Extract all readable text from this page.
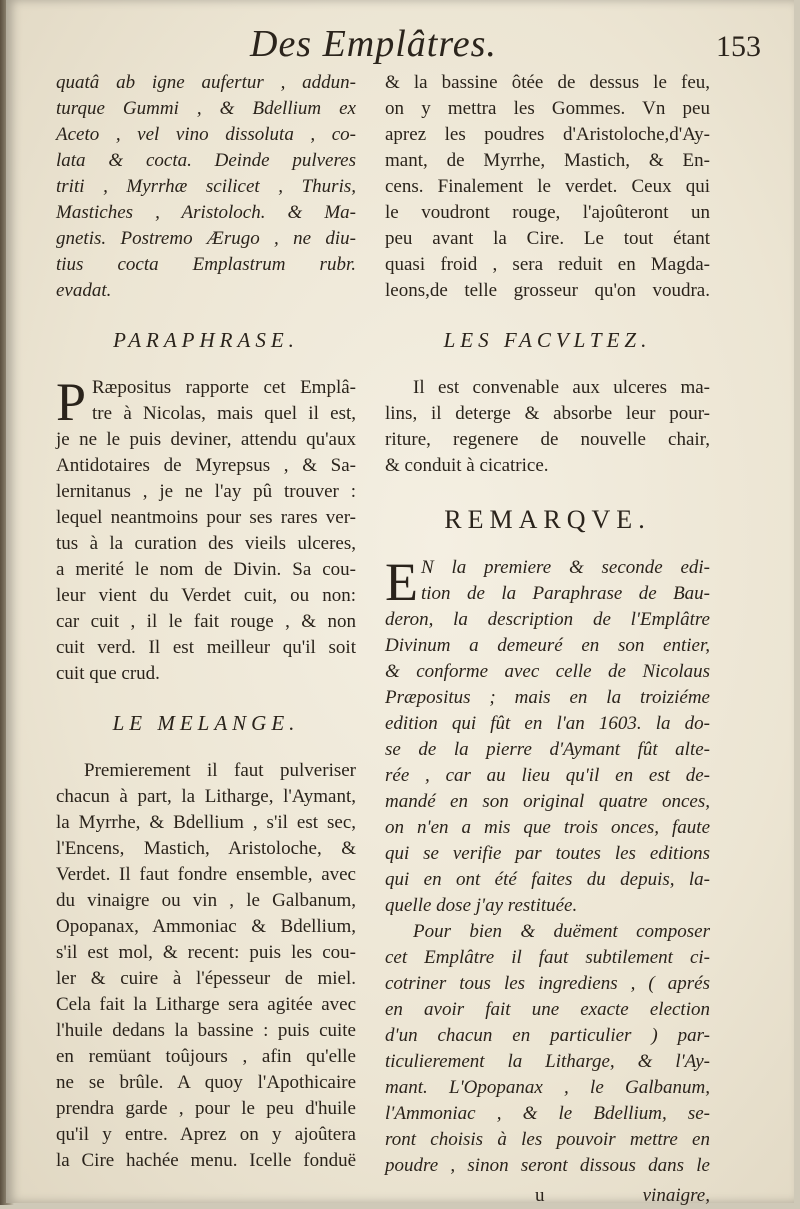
Des Emplâtres.	153
quatâ ab igne aufertur , addun-
turque Gummi , & Bdellium ex
Aceto , vel vino dissoluta , co-
lata & cocta. Deinde pulveres
triti , Myrrhæ scilicet , Thuris,
Mastiches , Aristoloch. & Ma-
gnetis. Postremo Ærugo , ne diu-
tius cocta Emplastrum rubr.
evadat.
PARAPHRASE.
P Ræpositus rapporte cet Emplâ-
tre à Nicolas, mais quel il est,
je ne le puis deviner, attendu qu'aux
Antidotaires de Myrepsus , & Sa-
lernitanus , je ne l'ay pû trouver :
lequel neantmoins pour ses rares ver-
tus à la curation des vieils ulceres,
a merité le nom de Divin. Sa cou-
leur vient du Verdet cuit, ou non:
car cuit , il le fait rouge , & non
cuit verd. Il est meilleur qu'il soit
cuit que crud.
LE MELANGE.
Premierement il faut pulveriser
chacun à part, la Litharge, l'Aymant,
la Myrrhe, & Bdellium , s'il est sec,
l'Encens, Mastich, Aristoloche, &
Verdet. Il faut fondre ensemble, avec
du vinaigre ou vin , le Galbanum,
Opopanax, Ammoniac & Bdellium,
s'il est mol, & recent: puis les cou-
ler & cuire à l'épesseur de miel.
Cela fait la Litharge sera agitée avec
l'huile dedans la bassine : puis cuite
en remüant toûjours , afin qu'elle
ne se brûle. A quoy l'Apothicaire
prendra garde , pour le peu d'huile
qu'il y entre. Aprez on y ajoûtera
la Cire hachée menu. Icelle fonduë
& la bassine ôtée de dessus le feu,
on y mettra les Gommes. Vn peu
aprez les poudres d'Aristoloche,d'Ay-
mant, de Myrrhe, Mastich, & En-
cens. Finalement le verdet. Ceux qui
le voudront rouge, l'ajoûteront un
peu avant la Cire. Le tout étant
quasi froid , sera reduit en Magda-
leons,de telle grosseur qu'on voudra.
LES FACVLTEZ.
Il est convenable aux ulceres ma-
lins, il deterge & absorbe leur pour-
riture, regenere de nouvelle chair,
& conduit à cicatrice.
REMARQVE.
E N la premiere & seconde edi-
tion de la Paraphrase de Bau-
deron, la description de l'Emplâtre
Divinum a demeuré en son entier,
& conforme avec celle de Nicolaus
Præpositus ; mais en la troiziéme
edition qui fût en l'an 1603. la do-
se de la pierre d'Aymant fût alte-
rée , car au lieu qu'il en est de-
mandé en son original quatre onces,
on n'en a mis que trois onces, faute
qui se verifie par toutes les editions
qui en ont été faites du depuis, la-
quelle dose j'ay restituée.
Pour bien & duëment composer
cet Emplâtre il faut subtilement ci-
cotriner tous les ingrediens , ( aprés
en avoir fait une exacte election
d'un chacun en particulier ) par-
ticulierement la Litharge, & l'Ay-
mant. L'Opopanax , le Galbanum,
l'Ammoniac , & le Bdellium, se-
ront choisis à les pouvoir mettre en
poudre , sinon seront dissous dans le
u	vinaigre,
